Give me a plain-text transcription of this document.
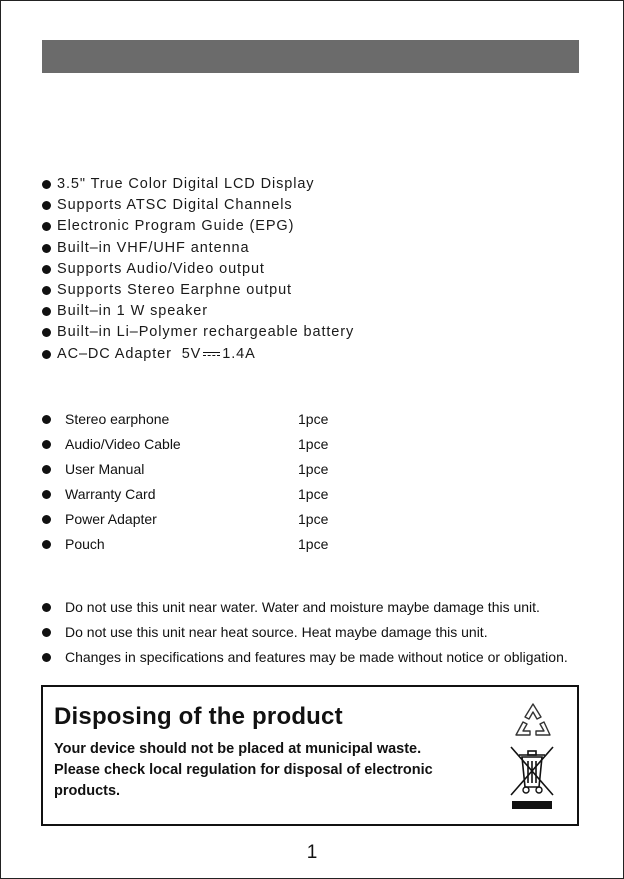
3.5" True Color Digital LCD Display
Supports ATSC Digital Channels
Electronic Program Guide (EPG)
Built–in VHF/UHF antenna
Supports Audio/Video output
Supports Stereo Earphne output
Built–in 1 W speaker
Built–in Li–Polymer rechargeable battery
AC–DC Adapter  5V 1.4A
Stereo earphone	1pce
Audio/Video Cable	1pce
User Manual	1pce
Warranty Card	1pce
Power Adapter	1pce
Pouch	1pce
Do not use this unit near water. Water and moisture maybe damage this unit.
Do not use this unit near heat source. Heat maybe damage this unit.
Changes in specifications and features may be made without notice or obligation.
Disposing of the product

Your device should not be placed at municipal waste.

Please check local regulation for disposal of electronic

products.

1
